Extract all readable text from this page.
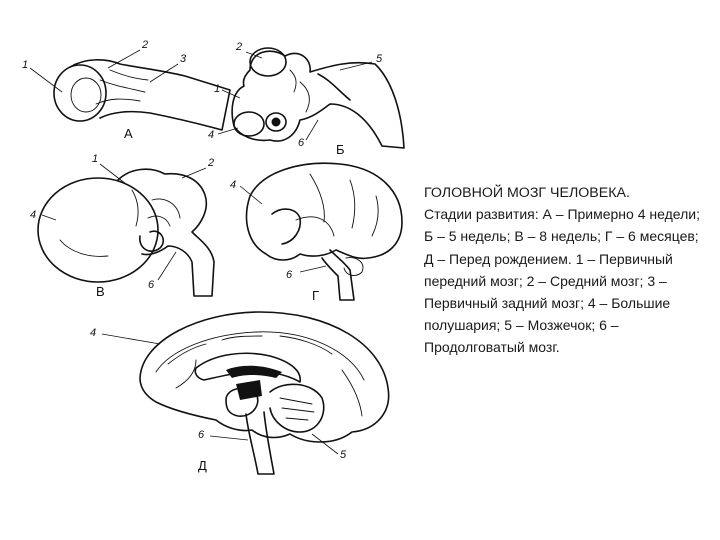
1
2
3
А
2
5
1
4
6 Б
1	2
4
6
В
4
6
Г
4
6
5
Д
ГОЛОВНОЙ МОЗГ ЧЕЛОВЕКА.
Стадии развития: А – Примерно 4 недели; Б – 5 недель; В – 8 недель; Г – 6 месяцев; Д – Перед рождением. 1 – Первичный передний мозг; 2 – Средний мозг; 3 – Первичный задний мозг; 4 – Большие полушария; 5 – Мозжечок; 6 – Продолговатый мозг.
